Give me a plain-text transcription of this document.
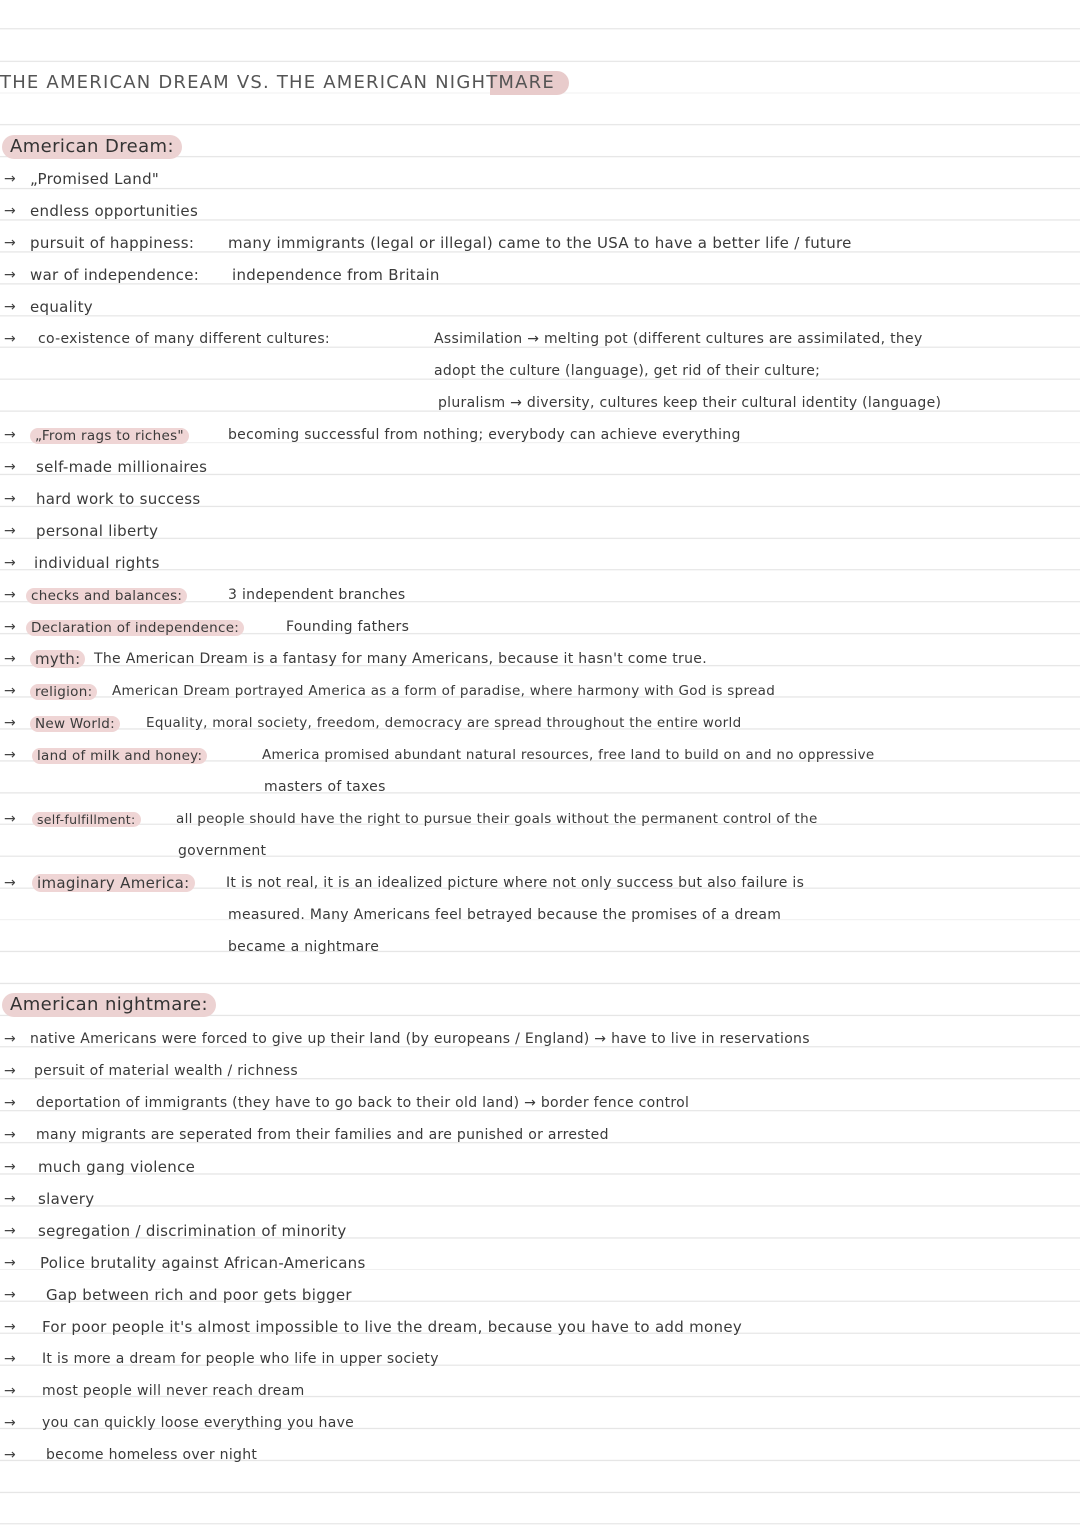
THE AMERICAN DREAM VS. THE AMERICAN NIGHTMARE
American Dream:
→ „Promised Land"
→ endless opportunities
→ pursuit of happiness: many immigrants (legal or illegal) came to the USA to have a better life / future
→ war of independence: independence from Britain
→ equality
→	co-existence of many different cultures:	Assimilation → melting pot (different cultures are assimilated, they
adopt the culture (language), get rid of their culture;
pluralism → diversity, cultures keep their cultural identity (language)
→	„From rags to riches"	becoming successful from nothing; everybody can achieve everything
→	self-made millionaires
→	hard work to success
→	personal liberty
→	individual rights
→	checks and balances:	3 independent branches
→	Declaration of independence:	Founding fathers
→	myth: The American Dream is a fantasy for many Americans, because it hasn't come true.
→	religion:	American Dream portrayed America as a form of paradise, where harmony with God is spread
→	New World:	Equality, moral society, freedom, democracy are spread throughout the entire world
→	land of milk and honey:	America promised abundant natural resources, free land to build on and no oppressive
masters of taxes
→	self-fulfillment:	all people should have the right to pursue their goals without the permanent control of the
government
→	imaginary America:	It is not real, it is an idealized picture where not only success but also failure is
measured. Many Americans feel betrayed because the promises of a dream
became a nightmare
American nightmare:
→ native Americans were forced to give up their land (by europeans / England) → have to live in reservations
→	persuit of material wealth / richness
→	deportation of immigrants (they have to go back to their old land) → border fence control
→	many migrants are seperated from their families and are punished or arrested
→	much gang violence
→	slavery
→	segregation / discrimination of minority
→	Police brutality against African-Americans
→	Gap between rich and poor gets bigger
→	For poor people it's almost impossible to live the dream, because you have to add money
→	It is more a dream for people who life in upper society
→	most people will never reach dream
→	you can quickly loose everything you have
→	become homeless over night
